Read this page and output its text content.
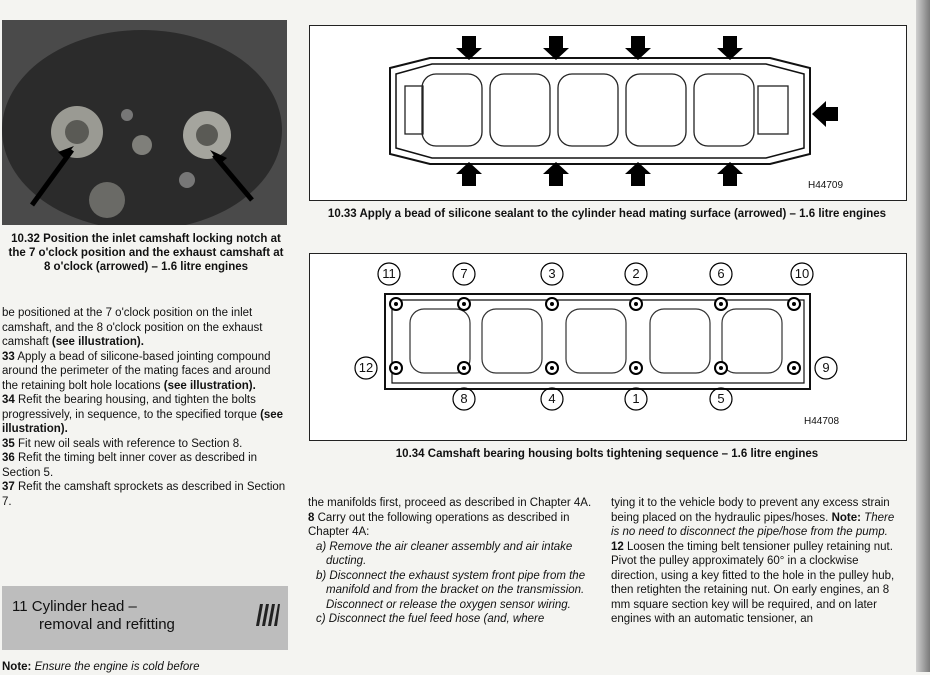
10.32 Position the inlet camshaft locking notch at the 7 o'clock position and the exhaust camshaft at 8 o'clock (arrowed) – 1.6 litre engines
H44709
10.33 Apply a bead of silicone sealant to the cylinder head mating surface (arrowed) – 1.6 litre engines
11	7	3	2	6	10
12	9
8	4	1	5
H44708
10.34 Camshaft bearing housing bolts tightening sequence – 1.6 litre engines

be positioned at the 7 o'clock position on the inlet camshaft, and the 8 o'clock position on the exhaust camshaft (see illustration).

33 Apply a bead of silicone-based jointing compound around the perimeter of the mating faces and around the retaining bolt hole locations (see illustration).

34 Refit the bearing housing, and tighten the bolts progressively, in sequence, to the specified torque (see illustration).

35 Fit new oil seals with reference to Section 8.

36 Refit the timing belt inner cover as described in Section 5.

37 Refit the camshaft sprockets as described in Section 7.

11 Cylinder head –
removal and refitting
Note: Ensure the engine is cold before

the manifolds first, proceed as described in Chapter 4A.

8 Carry out the following operations as described in Chapter 4A:

a) Remove the air cleaner assembly and air intake ducting.

b) Disconnect the exhaust system front pipe from the manifold and from the bracket on the transmission. Disconnect or release the oxygen sensor wiring.

c) Disconnect the fuel feed hose (and, where

tying it to the vehicle body to prevent any excess strain being placed on the hydraulic pipes/hoses. Note: There is no need to disconnect the pipe/hose from the pump.

12 Loosen the timing belt tensioner pulley retaining nut. Pivot the pulley approximately 60° in a clockwise direction, using a key fitted to the hole in the pulley hub, then retighten the retaining nut. On early engines, an 8 mm square section key will be required, and on later engines with an automatic tensioner, an
